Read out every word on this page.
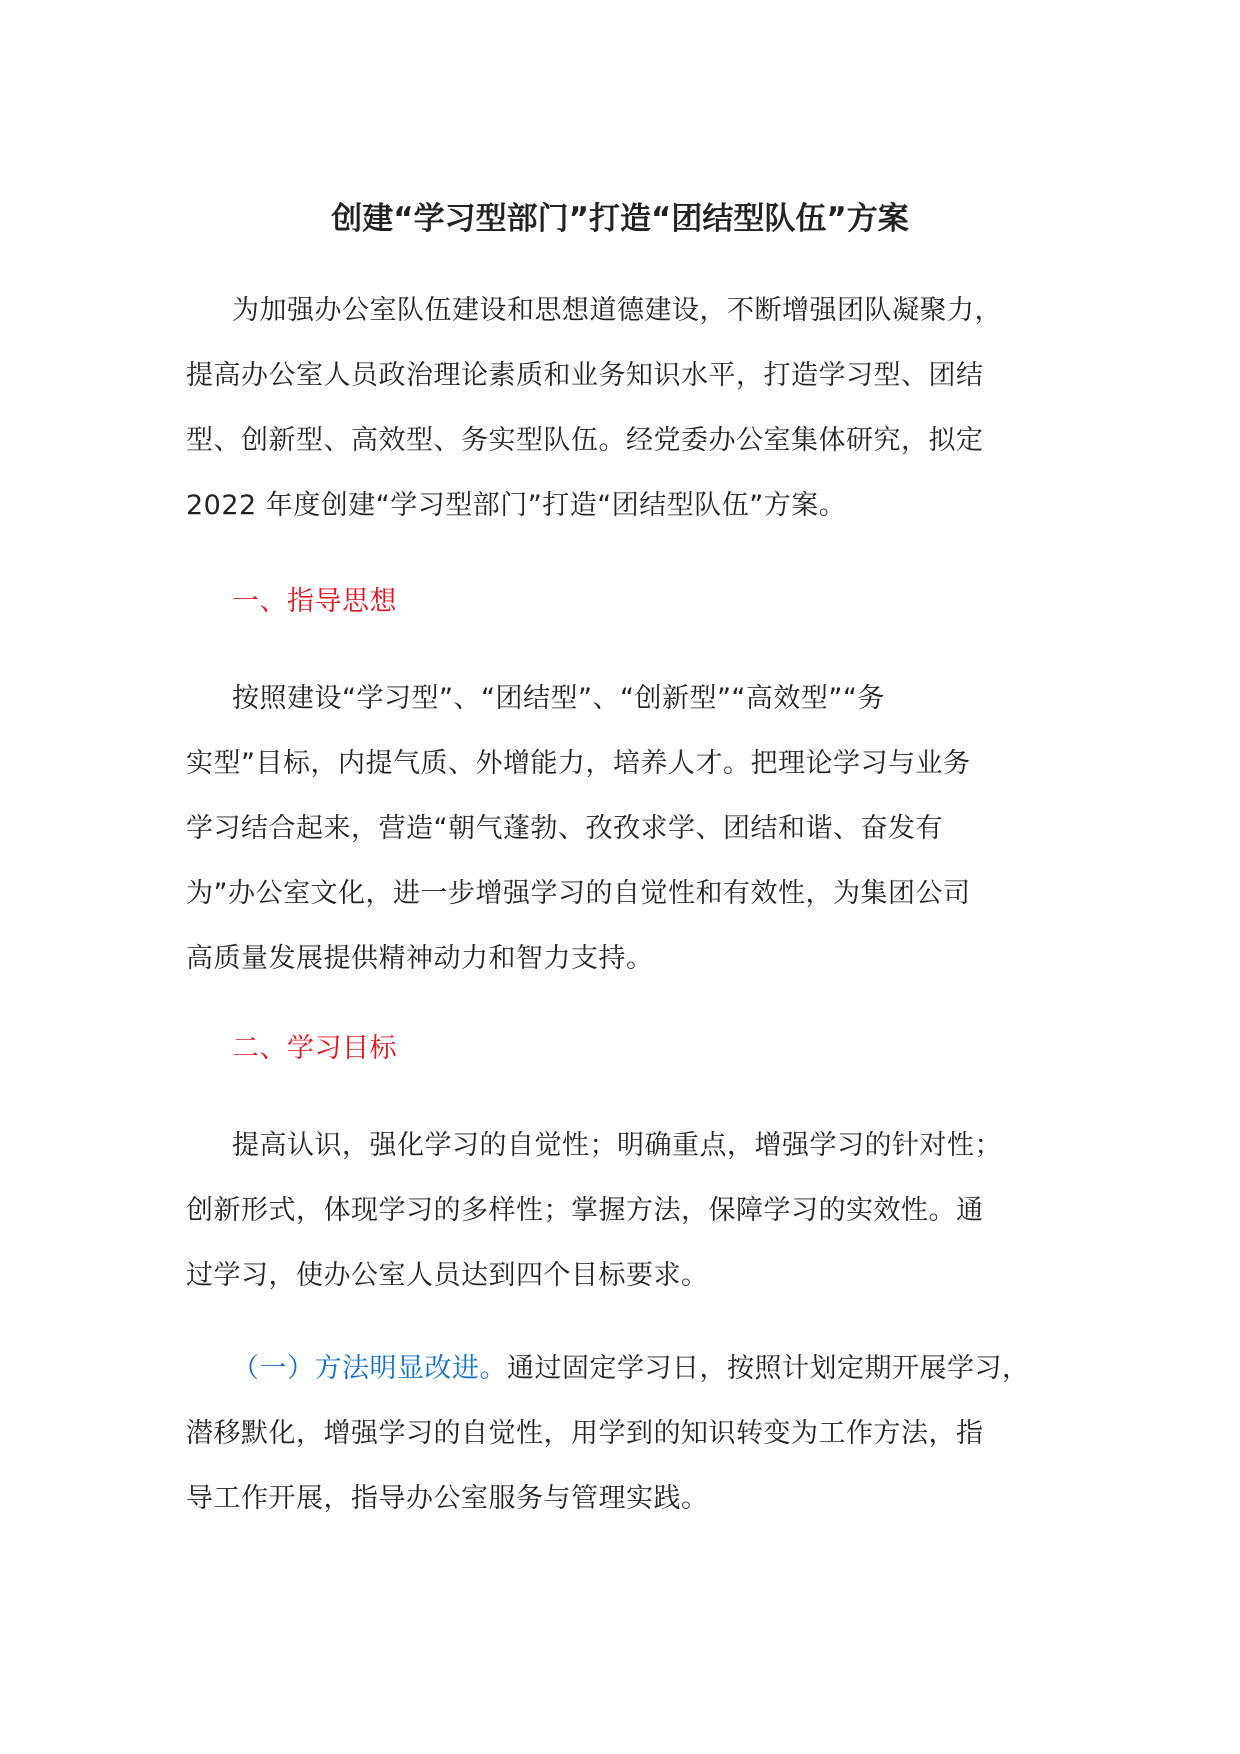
创建“学习型部门”打造“团结型队伍”方案
为加强办公室队伍建设和思想道德建设，不断增强团队凝聚力，
提高办公室人员政治理论素质和业务知识水平，打造学习型、团结
型、创新型、高效型、务实型队伍。经党委办公室集体研究，拟定
2022 年度创建“学习型部门”打造“团结型队伍”方案。
一、指导思想
按照建设“学习型”、“团结型”、“创新型”“高效型”“务
实型”目标，内提气质、外增能力，培养人才。把理论学习与业务
学习结合起来，营造“朝气蓬勃、孜孜求学、团结和谐、奋发有
为”办公室文化，进一步增强学习的自觉性和有效性，为集团公司
高质量发展提供精神动力和智力支持。
二、学习目标
提高认识，强化学习的自觉性；明确重点，增强学习的针对性；
创新形式，体现学习的多样性；掌握方法，保障学习的实效性。通
过学习，使办公室人员达到四个目标要求。
（一）方法明显改进。通过固定学习日，按照计划定期开展学习，
潜移默化，增强学习的自觉性，用学到的知识转变为工作方法，指
导工作开展，指导办公室服务与管理实践。
